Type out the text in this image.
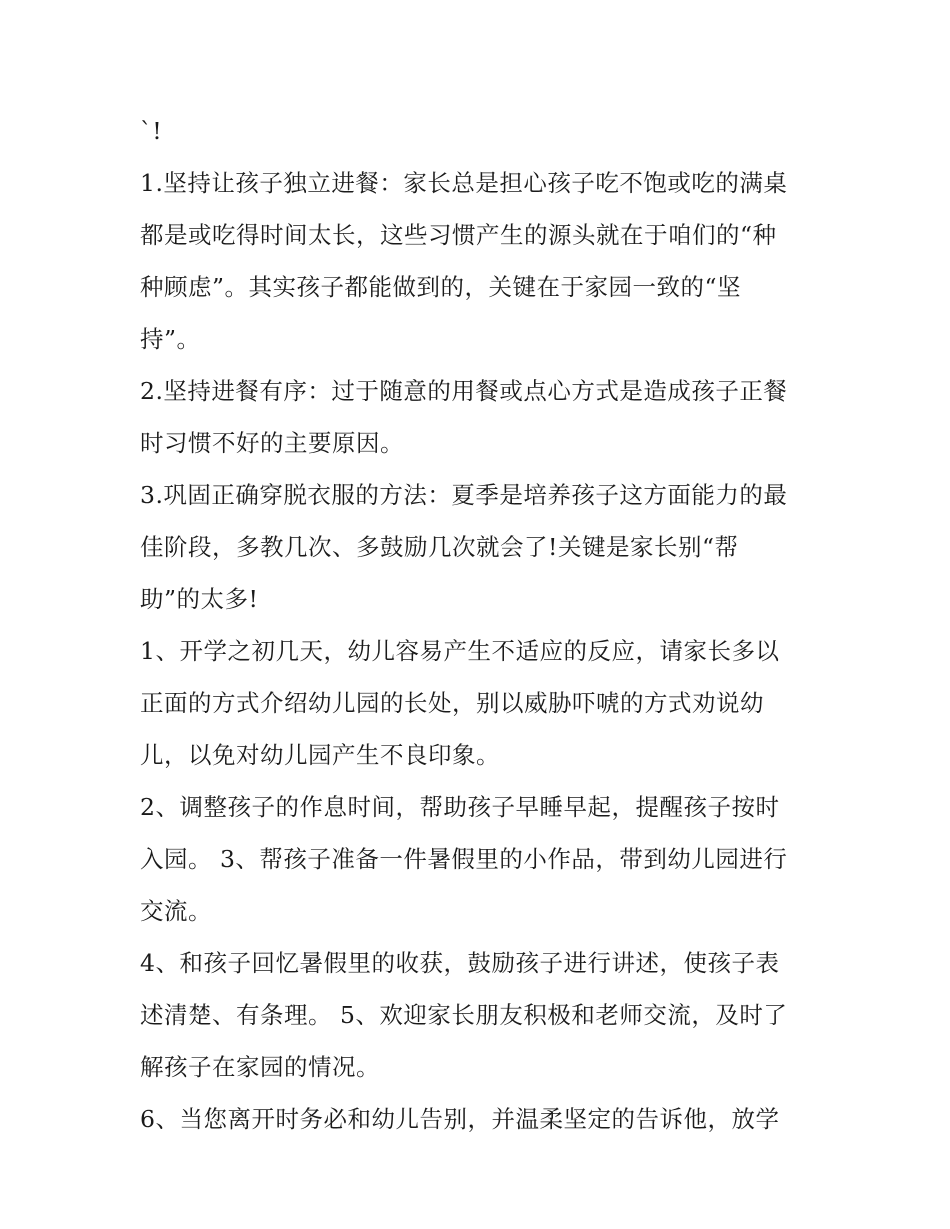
`!

1.坚持让孩子独立进餐：家长总是担心孩子吃不饱或吃的满桌

都是或吃得时间太长，这些习惯产生的源头就在于咱们的“种

种顾虑”。其实孩子都能做到的，关键在于家园一致的“坚

持”。

2.坚持进餐有序：过于随意的用餐或点心方式是造成孩子正餐

时习惯不好的主要原因。

3.巩固正确穿脱衣服的方法：夏季是培养孩子这方面能力的最

佳阶段，多教几次、多鼓励几次就会了!关键是家长别“帮

助”的太多!

1、开学之初几天，幼儿容易产生不适应的反应，请家长多以

正面的方式介绍幼儿园的长处，别以威胁吓唬的方式劝说幼

儿，以免对幼儿园产生不良印象。

2、调整孩子的作息时间，帮助孩子早睡早起，提醒孩子按时

入园。 3、帮孩子准备一件暑假里的小作品，带到幼儿园进行

交流。

4、和孩子回忆暑假里的收获，鼓励孩子进行讲述，使孩子表

述清楚、有条理。 5、欢迎家长朋友积极和老师交流，及时了

解孩子在家园的情况。

6、当您离开时务必和幼儿告别，并温柔坚定的告诉他，放学
